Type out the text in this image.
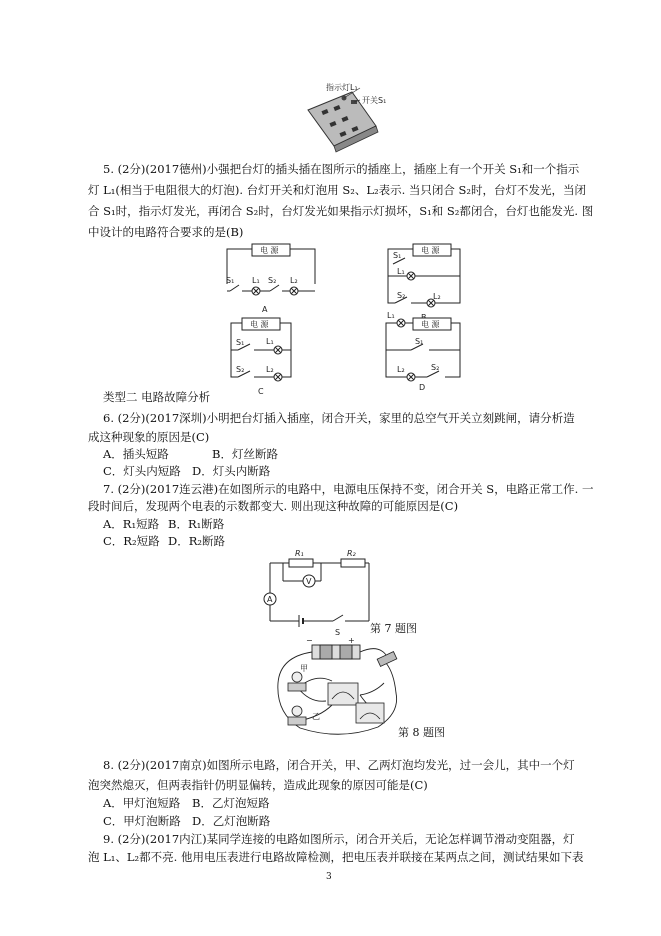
指示灯L₁
开关S₁
5. (2分)(2017德州)小强把台灯的插头插在图所示的插座上，插座上有一个开关 S₁和一个指示
灯 L₁(相当于电阻很大的灯泡). 台灯开关和灯泡用 S₂、L₂表示. 当只闭合 S₂时，台灯不发光，当闭
合 S₁时，指示灯发光，再闭合 S₂时，台灯发光如果指示灯损坏，S₁和 S₂都闭合，台灯也能发光. 图
中设计的电路符合要求的是(B)
电 源
S₁ L₁ S₂ L₂
A
电 源
S₁
L₁
S₂	L₂
电 源
S₁	L₁
S₂	L₂
C
电 源
L₁
S₁
L₂	S₂
D
类型二 电路故障分析
6. (2分)(2017深圳)小明把台灯插入插座，闭合开关，家里的总空气开关立刻跳闸，请分析造
成这种现象的原因是(C)
A．插头短路	B．灯丝断路
C．灯头内短路 D．灯头内断路
7. (2分)(2017连云港)在如图所示的电路中，电源电压保持不变，闭合开关 S，电路正常工作. 一
段时间后，发现两个电表的示数都变大. 则出现这种故障的可能原因是(C)
A．R₁短路 B．R₁断路
C．R₂短路 D．R₂断路
R₁	R₂
V
A
S	第 7 题图
甲
乙
−	+
第 8 题图
8. (2分)(2017南京)如图所示电路，闭合开关，甲、乙两灯泡均发光，过一会儿，其中一个灯
泡突然熄灭，但两表指针仍明显偏转，造成此现象的原因可能是(C)
A．甲灯泡短路 B．乙灯泡短路
C．甲灯泡断路 D．乙灯泡断路
9. (2分)(2017内江)某同学连接的电路如图所示，闭合开关后，无论怎样调节滑动变阻器，灯
泡 L₁、L₂都不亮. 他用电压表进行电路故障检测，把电压表并联接在某两点之间，测试结果如下表
3
